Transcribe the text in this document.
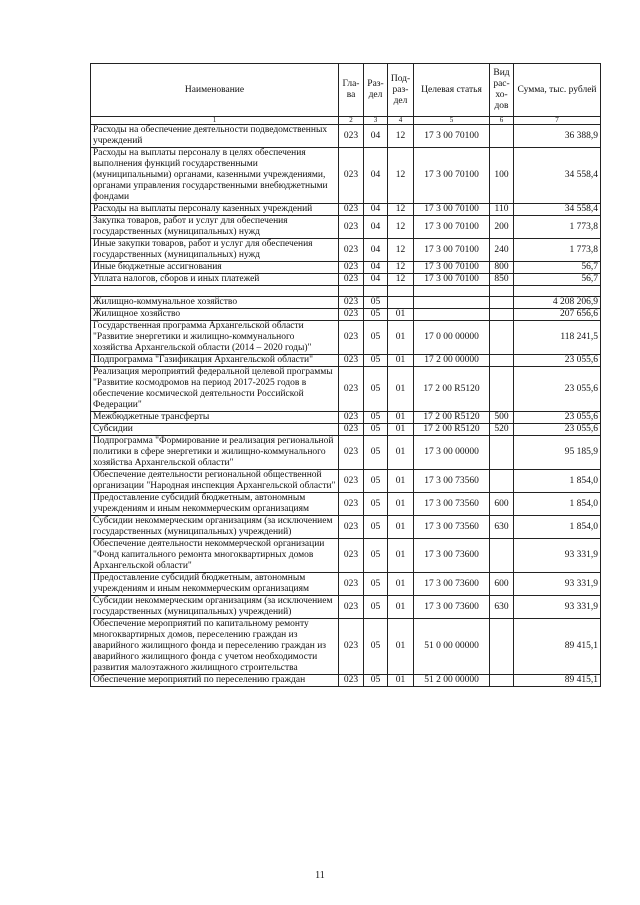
Наименование	Гла-ва	Раз-дел	Под-раз-дел	Целевая статья	Вид рас-хо-дов	Сумма, тыс. рублей
1	2	3	4	5	6	7
Расходы на обеспечение деятельности подведомственных учреждений	023	04	12	17 3 00 70100		36 388,9
Расходы на выплаты персоналу в целях обеспечения выполнения функций государственными (муниципальными) органами, казенными учреждениями, органами управления государственными внебюджетными фондами	023	04	12	17 3 00 70100	100	34 558,4
Расходы на выплаты персоналу казенных учреждений	023	04	12	17 3 00 70100	110	34 558,4
Закупка товаров, работ и услуг для обеспечения государственных (муниципальных) нужд	023	04	12	17 3 00 70100	200	1 773,8
Иные закупки товаров, работ и услуг для обеспечения государственных (муниципальных) нужд	023	04	12	17 3 00 70100	240	1 773,8
Иные бюджетные ассигнования	023	04	12	17 3 00 70100	800	56,7
Уплата налогов, сборов и иных платежей	023	04	12	17 3 00 70100	850	56,7

Жилищно-коммунальное хозяйство	023	05				4 208 206,9
Жилищное хозяйство	023	05	01			207 656,6
Государственная программа Архангельской области "Развитие энергетики и жилищно-коммунального хозяйства Архангельской области (2014 – 2020 годы)"	023	05	01	17 0 00 00000		118 241,5
Подпрограмма "Газификация Архангельской области"	023	05	01	17 2 00 00000		23 055,6
Реализация мероприятий федеральной целевой программы "Развитие космодромов на период 2017-2025 годов в обеспечение космической деятельности Российской Федерации"	023	05	01	17 2 00 R5120		23 055,6
Межбюджетные трансферты	023	05	01	17 2 00 R5120	500	23 055,6
Субсидии	023	05	01	17 2 00 R5120	520	23 055,6
Подпрограмма "Формирование и реализация региональной политики в сфере энергетики и жилищно-коммунального хозяйства Архангельской области"	023	05	01	17 3 00 00000		95 185,9
Обеспечение деятельности региональной общественной организации "Народная инспекция Архангельской области"	023	05	01	17 3 00 73560		1 854,0
Предоставление субсидий бюджетным, автономным учреждениям и иным некоммерческим организациям	023	05	01	17 3 00 73560	600	1 854,0
Субсидии некоммерческим организациям (за исключением государственных (муниципальных) учреждений)	023	05	01	17 3 00 73560	630	1 854,0
Обеспечение деятельности некоммерческой организации "Фонд капитального ремонта многоквартирных домов Архангельской области"	023	05	01	17 3 00 73600		93 331,9
Предоставление субсидий бюджетным, автономным учреждениям и иным некоммерческим организациям	023	05	01	17 3 00 73600	600	93 331,9
Субсидии некоммерческим организациям (за исключением государственных (муниципальных) учреждений)	023	05	01	17 3 00 73600	630	93 331,9
Обеспечение мероприятий по капитальному ремонту многоквартирных домов, переселению граждан из аварийного жилищного фонда и переселению граждан из аварийного жилищного фонда с учетом необходимости развития малоэтажного жилищного строительства	023	05	01	51 0 00 00000		89 415,1
Обеспечение мероприятий по переселению граждан	023	05	01	51 2 00 00000		89 415,1
11
